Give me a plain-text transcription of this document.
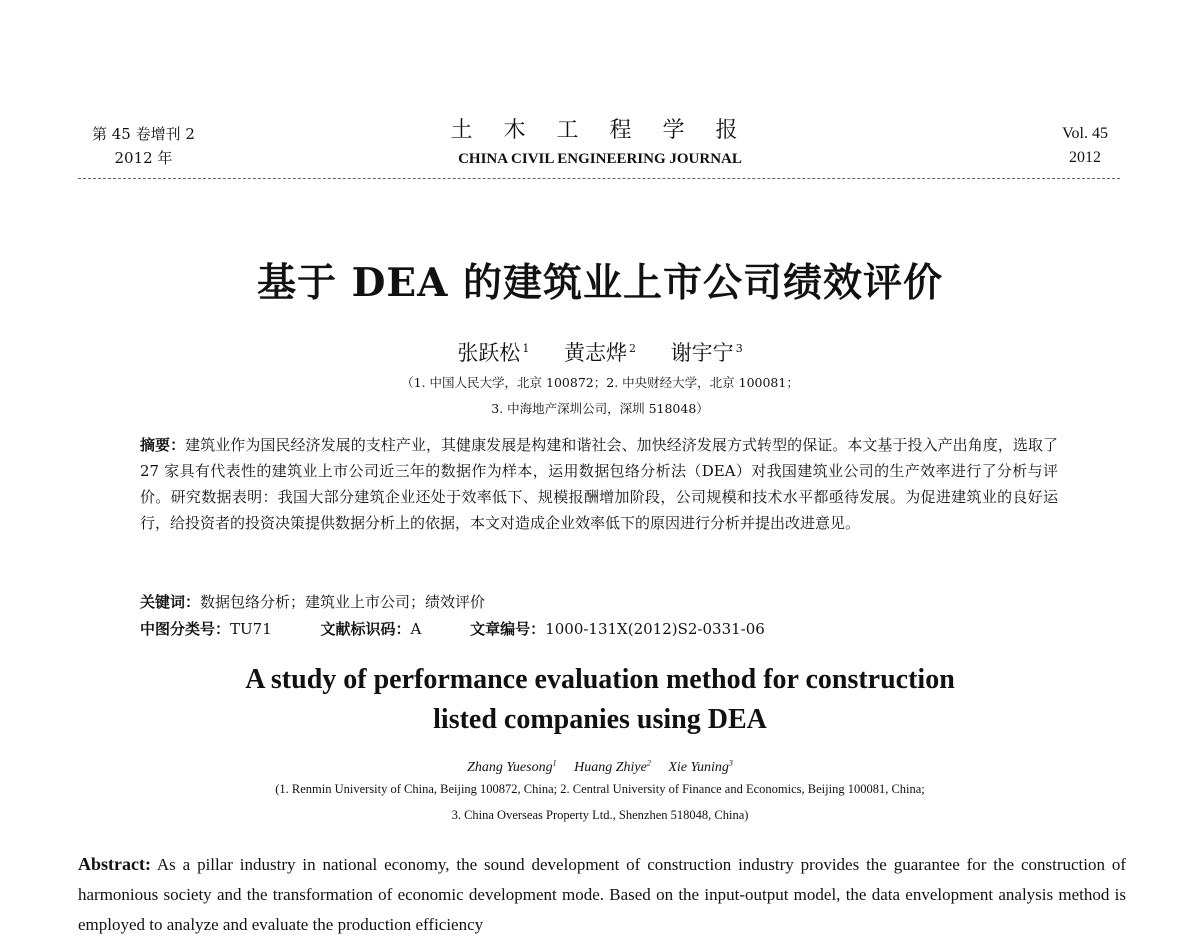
第 45 卷增刊 2
2012 年
土 木 工 程 学 报
CHINA CIVIL ENGINEERING JOURNAL
Vol. 45
2012
基于 DEA 的建筑业上市公司绩效评价
张跃松 $^1$ 黄志烨 $^2$ 谢宇宁 $^3$
（1. 中国人民大学，北京 100872；2. 中央财经大学，北京 100081；
3. 中海地产深圳公司，深圳 518048）
摘要：建筑业作为国民经济发展的支柱产业，其健康发展是构建和谐社会、加快经济发展方式转型的保证。本文基于投入产出角度，选取了 27 家具有代表性的建筑业上市公司近三年的数据作为样本，运用数据包络分析法（DEA）对我国建筑业公司的生产效率进行了分析与评价。研究数据表明：我国大部分建筑企业还处于效率低下、规模报酬增加阶段，公司规模和技术水平都亟待发展。为促进建筑业的良好运行，给投资者的投资决策提供数据分析上的依据，本文对造成企业效率低下的原因进行分析并提出改进意见。
关键词：数据包络分析；建筑业上市公司；绩效评价
中图分类号：TU71	文献标识码：A	文章编号：1000-131X(2012)S2-0331-06
A study of performance evaluation method for construction
listed companies using DEA
Zhang Yuesong$^1$ Huang Zhiye$^2$ Xie Yuning$^3$
(1. Renmin University of China, Beijing 100872, China; 2. Central University of Finance and Economics, Beijing 100081, China;
3. China Overseas Property Ltd., Shenzhen 518048, China)
Abstract: As a pillar industry in national economy, the sound development of construction industry provides the guarantee for the construction of harmonious society and the transformation of economic development mode. Based on the input-output model, the data envelopment analysis method is employed to analyze and evaluate the production efficiency
